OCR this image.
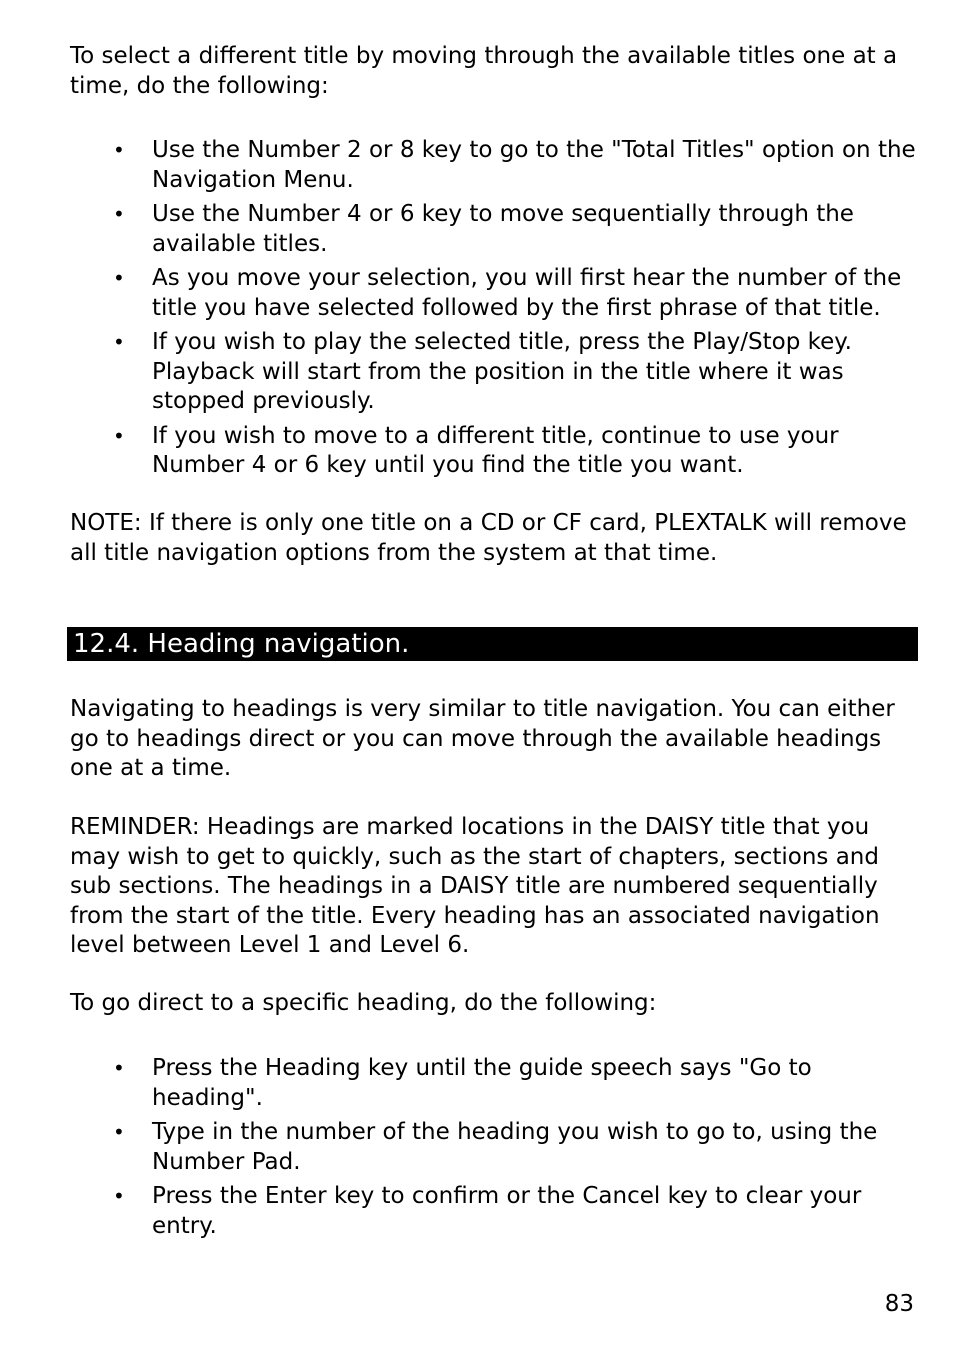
To select a different title by moving through the available titles one at a time, do the following:

• Use the Number 2 or 8 key to go to the "Total Titles" option on the Navigation Menu.
• Use the Number 4 or 6 key to move sequentially through the available titles.
• As you move your selection, you will first hear the number of the title you have selected followed by the first phrase of that title.
• If you wish to play the selected title, press the Play/Stop key. Playback will start from the position in the title where it was stopped previously.
• If you wish to move to a different title, continue to use your Number 4 or 6 key until you find the title you want.

NOTE: If there is only one title on a CD or CF card, PLEXTALK will remove all title navigation options from the system at that time.

12.4. Heading navigation.

Navigating to headings is very similar to title navigation. You can either go to headings direct or you can move through the available headings one at a time.

REMINDER: Headings are marked locations in the DAISY title that you may wish to get to quickly, such as the start of chapters, sections and sub sections. The headings in a DAISY title are numbered sequentially from the start of the title. Every heading has an associated navigation level between Level 1 and Level 6.

To go direct to a specific heading, do the following:

• Press the Heading key until the guide speech says "Go to heading".
• Type in the number of the heading you wish to go to, using the Number Pad.
• Press the Enter key to confirm or the Cancel key to clear your entry.
83
